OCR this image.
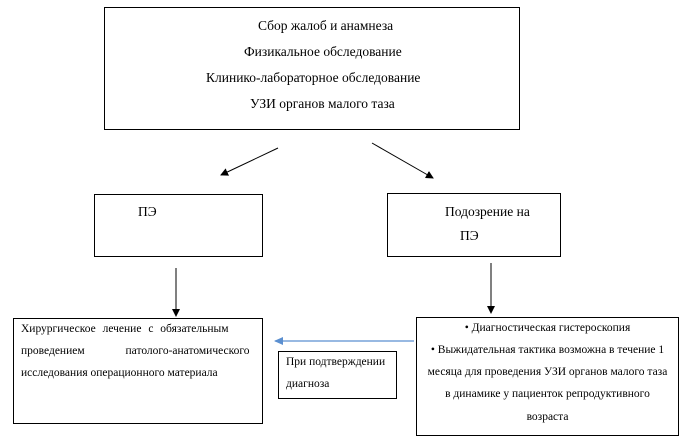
Сбор жалоб и анамнеза
Физикальное обследование
Клинико-лабораторное обследование
УЗИ органов малого таза
ПЭ	Подозрение на
ПЭ
Хирургическое лечение с обязательным
проведением патолого-анатомического
исследования операционного материала
При подтверждении
диагноза
• Диагностическая гистероскопия
• Выжидательная тактика возможна в течение 1
месяца для проведения УЗИ органов малого таза
в динамике у пациенток репродуктивного
возраста
